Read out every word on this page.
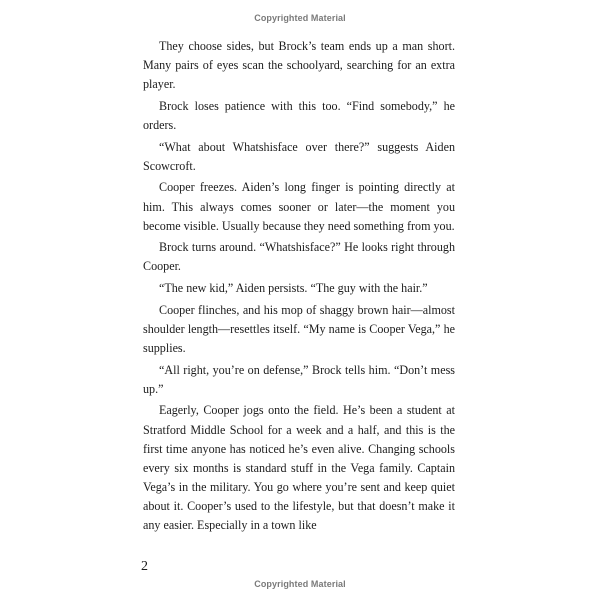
Copyrighted Material

They choose sides, but Brock’s team ends up a man short. Many pairs of eyes scan the schoolyard, searching for an extra player.

Brock loses patience with this too. “Find somebody,” he orders.

“What about Whatshisface over there?” suggests Aiden Scowcroft.

Cooper freezes. Aiden’s long finger is pointing directly at him. This always comes sooner or later—the moment you become visible. Usually because they need something from you.

Brock turns around. “Whatshisface?” He looks right through Cooper.

“The new kid,” Aiden persists. “The guy with the hair.”

Cooper flinches, and his mop of shaggy brown hair—almost shoulder length—resettles itself. “My name is Cooper Vega,” he supplies.

“All right, you’re on defense,” Brock tells him. “Don’t mess up.”

Eagerly, Cooper jogs onto the field. He’s been a student at Stratford Middle School for a week and a half, and this is the first time anyone has noticed he’s even alive. Changing schools every six months is standard stuff in the Vega family. Captain Vega’s in the military. You go where you’re sent and keep quiet about it. Cooper’s used to the lifestyle, but that doesn’t make it any easier. Especially in a town like

2
Copyrighted Material
